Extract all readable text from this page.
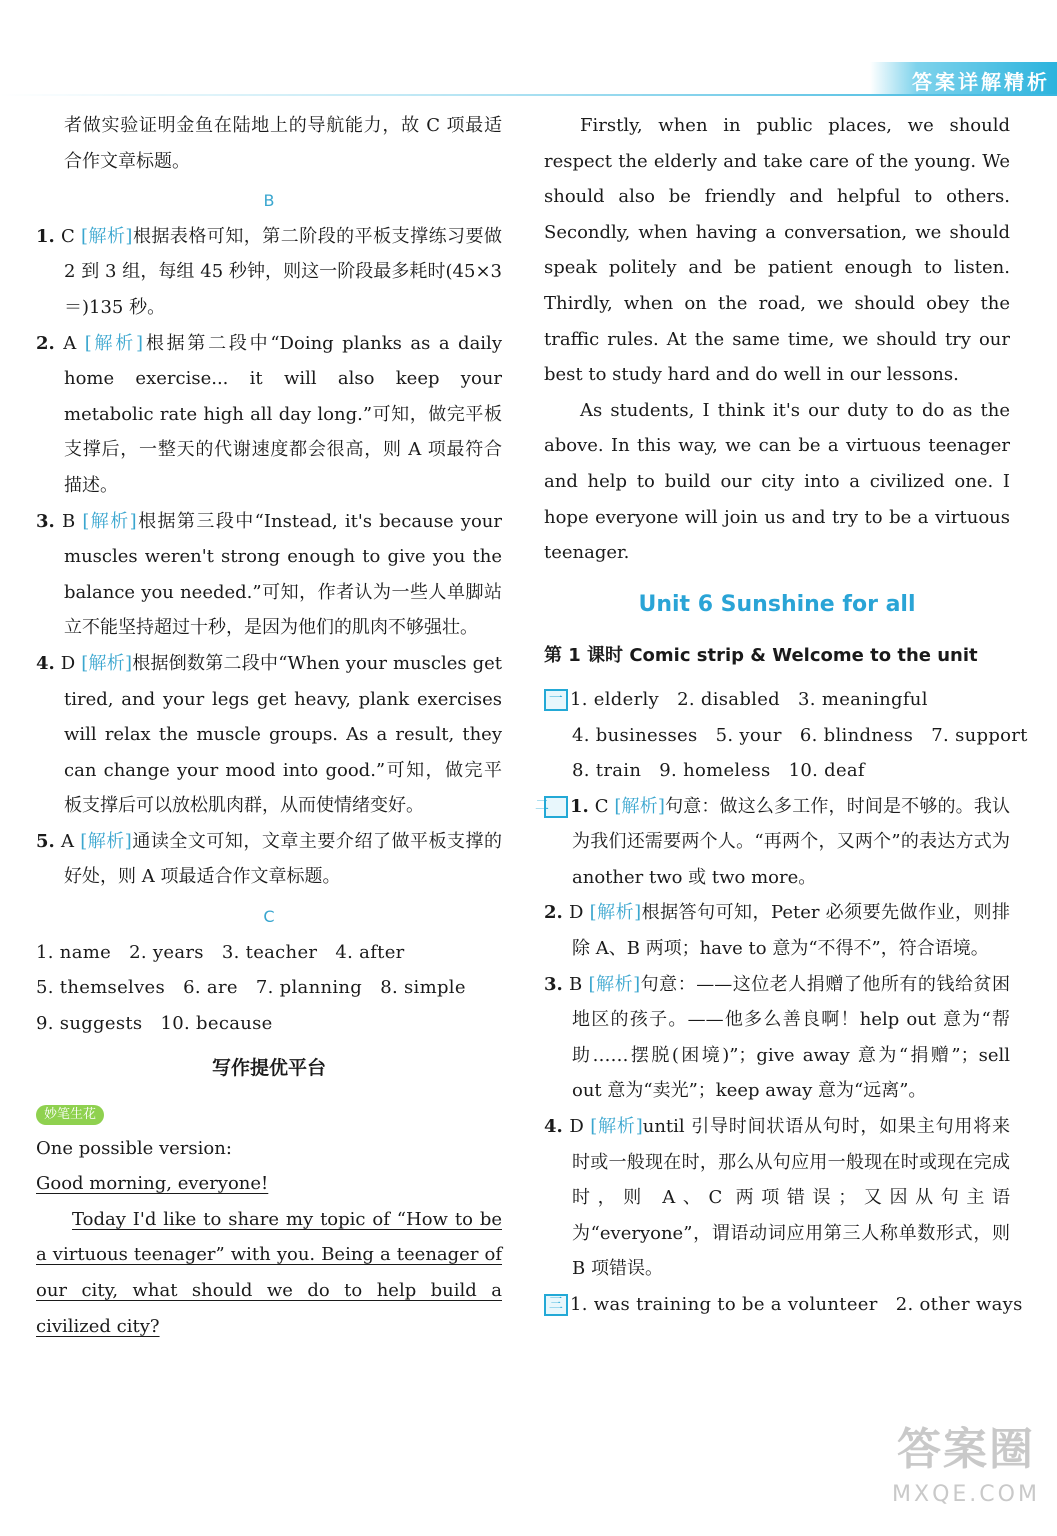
答案详解精析

者做实验证明金鱼在陆地上的导航能力，故 C 项最适合作文章标题。

B

1. C [解析]根据表格可知，第二阶段的平板支撑练习要做 2 到 3 组，每组 45 秒钟，则这一阶段最多耗时(45×3＝)135 秒。

2. A [解析]根据第二段中“Doing planks as a daily home exercise... it will also keep your metabolic rate high all day long.”可知，做完平板支撑后，一整天的代谢速度都会很高，则 A 项最符合描述。

3. B [解析]根据第三段中“Instead, it's because your muscles weren't strong enough to give you the balance you needed.”可知，作者认为一些人单脚站立不能坚持超过十秒，是因为他们的肌肉不够强壮。

4. D [解析]根据倒数第二段中“When your muscles get tired, and your legs get heavy, plank exercises will relax the muscle groups. As a result, they can change your mood into good.”可知，做完平板支撑后可以放松肌肉群，从而使情绪变好。

5. A [解析]通读全文可知，文章主要介绍了做平板支撑的好处，则 A 项最适合作文章标题。

C

1. name   2. years   3. teacher   4. after

5. themselves   6. are   7. planning   8. simple

9. suggests   10. because

写作提优平台
妙笔生花

One possible version:

Good morning, everyone!

Today I'd like to share my topic of “How to be a virtuous teenager” with you. Being a teenager of our city, what should we do to help build a civilized city?

Firstly, when in public places, we should respect the elderly and take care of the young. We should also be friendly and helpful to others. Secondly, when having a conversation, we should speak politely and be patient enough to listen. Thirdly, when on the road, we should obey the traffic rules. At the same time, we should try our best to study hard and do well in our lessons.

As students, I think it's our duty to do as the above. In this way, we can be a virtuous teenager and help to build our city into a civilized one. I hope everyone will join us and try to be a virtuous teenager.

Unit 6 Sunshine for all
第 1 课时 Comic strip & Welcome to the unit

一 1. elderly   2. disabled   3. meaningful

4. businesses   5. your   6. blindness   7. support

8. train   9. homeless   10. deaf

二 1. C [解析]句意：做这么多工作，时间是不够的。我认为我们还需要两个人。“再两个，又两个”的表达方式为 another two 或 two more。

2. D [解析]根据答句可知，Peter 必须要先做作业，则排除 A、B 两项；have to 意为“不得不”，符合语境。

3. B [解析]句意：——这位老人捐赠了他所有的钱给贫困地区的孩子。——他多么善良啊！help out 意为“帮助……摆脱(困境)”；give away 意为“捐赠”；sell out 意为“卖光”；keep away 意为“远离”。

4. D [解析]until 引导时间状语从句时，如果主句用将来时或一般现在时，那么从句应用一般现在时或现在完成时，则 A、C 两项错误；又因从句主语为“everyone”，谓语动词应用第三人称单数形式，则 B 项错误。

三 1. was training to be a volunteer   2. other ways

答案圈
MXQE.COM
